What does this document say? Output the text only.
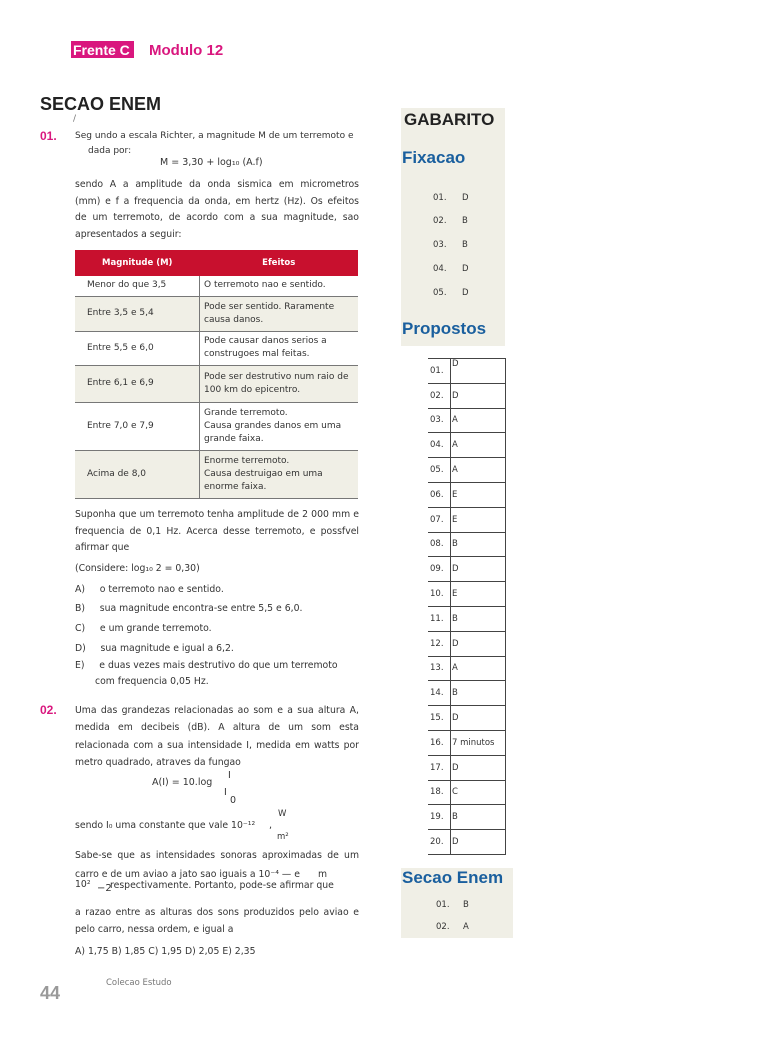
Frente C Modulo 12
SECAO ENEM
/
01. Seg undo a escala Richter, a magnitude M de um terremoto e
dada por:
M = 3,30 + log₁₀ (A.f)
sendo A a amplitude da onda sismica em micrometros
(mm) e f a frequencia da onda, em hertz (Hz). Os efeitos
de um terremoto, de acordo com a sua magnitude, sao
apresentados a seguir:
Magnitude (M)	Efeitos
Menor do que 3,5	O terremoto nao e sentido.

Entre 3,5 e 5,4	Pode ser sentido. Raramente
causa danos.

Entre 5,5 e 6,0	Pode causar danos serios a
construgoes mal feitas.

Entre 6,1 e 6,9	Pode ser destrutivo num raio de
100 km do epicentro.

Entre 7,0 e 7,9	Grande terremoto.
Causa grandes danos em uma
grande faixa.

Acima de 8,0	Enorme terremoto.
Causa destruigao em uma
enorme faixa.
Suponha que um terremoto tenha amplitude de 2 000 mm e
frequencia de 0,1 Hz. Acerca desse terremoto, e possfvel
afirmar que
(Considere: log₁₀ 2 = 0,30)
A)     o terremoto nao e sentido.
B)     sua magnitude encontra-se entre 5,5 e 6,0.
C)     e um grande terremoto.
D)     sua magnitude e igual a 6,2.
E)     e duas vezes mais destrutivo do que um terremoto
com frequencia 0,05 Hz.
02. Uma das grandezas relacionadas ao som e a sua altura A,
medida em decibeis (dB). A altura de um som esta
relacionada com a sua intensidade I, medida em watts por
metro quadrado, atraves da fungao
A(I) = 10.log
I
I
0
W
sendo I₀ uma constante que vale 10⁻¹² ,
m²
Sabe-se que as intensidades sonoras aproximadas de um
carro e de um aviao a jato sao iguais a 10⁻⁴ — e m
10² −2
respectivamente. Portanto, pode-se afirmar que
a razao entre as alturas dos sons produzidos pelo aviao e
pelo carro, nessa ordem, e igual a
A) 1,75 B) 1,85 C) 1,95 D) 2,05 E) 2,35
44	Colecao Estudo
GABARITO
Fixacao
01. D
02. B
03. B
04. D
05. D
Propostos
01.	D
02.	D
03.	A
04.	A
05.	A
06.	E
07.	E
08.	B
09.	D
10.	E
11.	B
12.	D
13.	A
14.	B
15.	D
16.	7 minutos
17.	D
18.	C
19.	B
20.	D
Secao Enem
01. B
02. A
